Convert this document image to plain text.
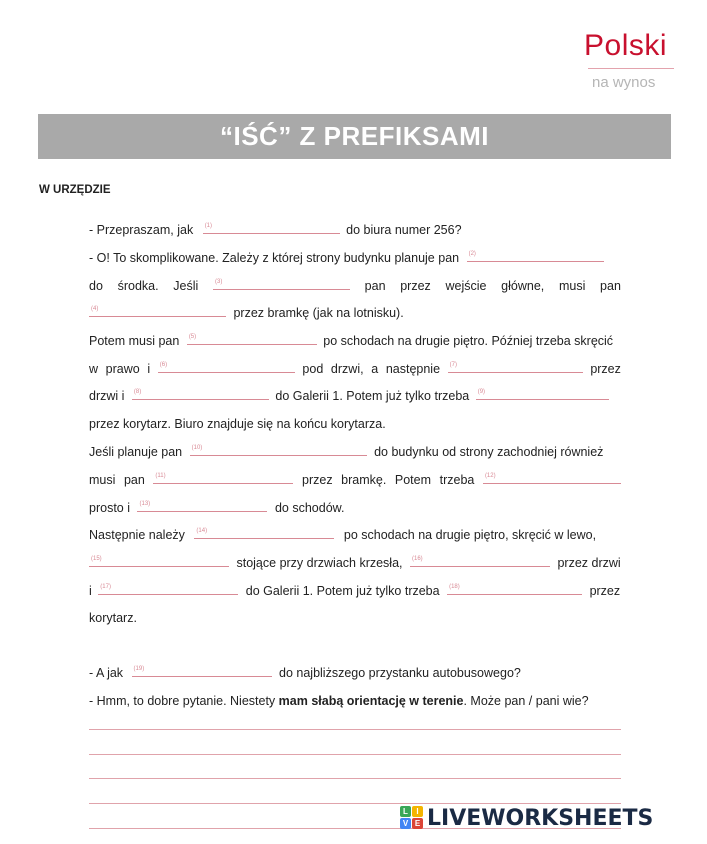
Polski
na wynos
“IŚĆ” Z PREFIKSAMI
W URZĘDZIE
- Przepraszam, jak (1)	do biura numer 256?
- O! To skomplikowane. Zależy z której strony budynku planuje pan (2)
do środka. Jeśli	(3)	pan przez wejście główne, musi pan
(4)	przez bramkę (jak na lotnisku).
Potem musi pan (5)	po schodach na drugie piętro. Później trzeba skręcić
w prawo i (6)	pod drzwi, a następnie (7)	przez
drzwi i (8)	do Galerii 1. Potem już tylko trzeba (9)
przez korytarz. Biuro znajduje się na końcu korytarza.
Jeśli planuje pan (10)	do budynku od strony zachodniej również
musi pan (11)	przez bramkę. Potem trzeba (12)
prosto i (13)	do schodów.
Następnie należy (14)	po schodach na drugie piętro, skręcić w lewo,
(15)	stojące przy drzwiach krzesła, (16)	przez drzwi
i (17)	do Galerii 1. Potem już tylko trzeba (18)	przez
korytarz.
- A jak (19)	do najbliższego przystanku autobusowego?
- Hmm, to dobre pytanie. Niestety mam słabą orientację w terenie. Może pan / pani wie?
L	I
V E LIVEWORKSHEETS
